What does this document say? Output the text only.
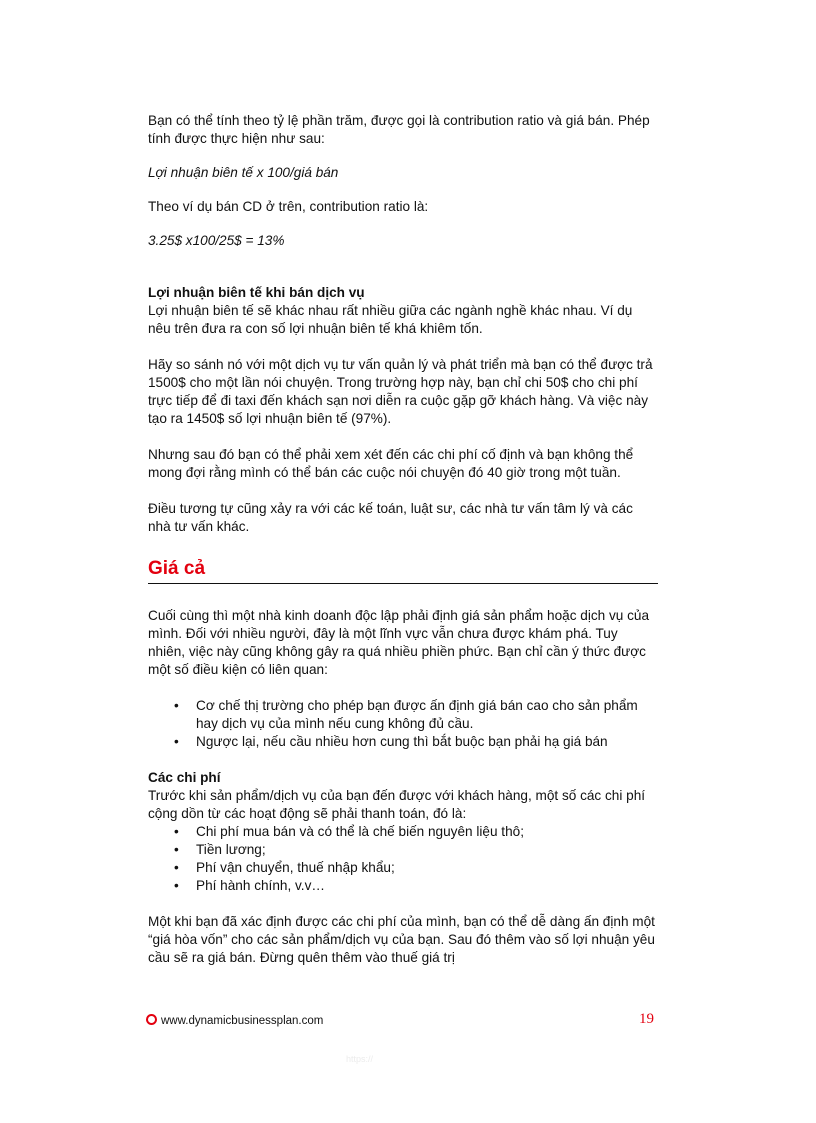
Bạn có thể tính theo tỷ lệ phần trăm, được gọi là contribution ratio và giá bán. Phép tính được thực hiện như sau:

Lợi nhuận biên tế x 100/giá bán

Theo ví dụ bán CD ở trên, contribution ratio là:

3.25$ x100/25$ = 13%

Lợi nhuận biên tế khi bán dịch vụ

Lợi nhuận biên tế sẽ khác nhau rất nhiều giữa các ngành nghề khác nhau. Ví dụ nêu trên đưa ra con số lợi nhuận biên tế khá khiêm tốn.

Hãy so sánh nó với một dịch vụ tư vấn quản lý và phát triển mà bạn có thể được trả 1500$ cho một lần nói chuyện. Trong trường hợp này, bạn chỉ chi 50$ cho chi phí trực tiếp để đi taxi đến khách sạn nơi diễn ra cuộc gặp gỡ khách hàng. Và việc này tạo ra 1450$ số lợi nhuận biên tế (97%).

Nhưng sau đó bạn có thể phải xem xét đến các chi phí cố định và bạn không thể mong đợi rằng mình có thể bán các cuộc nói chuyện đó 40 giờ trong một tuần.

Điều tương tự cũng xảy ra với các kế toán, luật sư, các nhà tư vấn tâm lý và các nhà tư vấn khác.

Giá cả

Cuối cùng thì một nhà kinh doanh độc lập phải định giá sản phẩm hoặc dịch vụ của mình. Đối với nhiều người, đây là một lĩnh vực vẫn chưa được khám phá. Tuy nhiên, việc này cũng không gây ra quá nhiều phiền phức. Bạn chỉ cần ý thức được một số điều kiện có liên quan:

• Cơ chế thị trường cho phép bạn được ấn định giá bán cao cho sản phẩm hay dịch vụ của mình nếu cung không đủ cầu.
• Ngược lại, nếu cầu nhiều hơn cung thì bắt buộc bạn phải hạ giá bán

Các chi phí

Trước khi sản phẩm/dịch vụ của bạn đến được với khách hàng, một số các chi phí cộng dồn từ các hoạt động sẽ phải thanh toán, đó là:

• Chi phí mua bán và có thể là chế biến nguyên liệu thô;
• Tiền lương;
• Phí vận chuyển, thuế nhập khẩu;
• Phí hành chính, v.v…

Một khi bạn đã xác định được các chi phí của mình, bạn có thể dễ dàng ấn định một “giá hòa vốn” cho các sản phẩm/dịch vụ của bạn. Sau đó thêm vào số lợi nhuận yêu cầu sẽ ra giá bán. Đừng quên thêm vào thuế giá trị

www.dynamicbusinessplan.com	19
https://
